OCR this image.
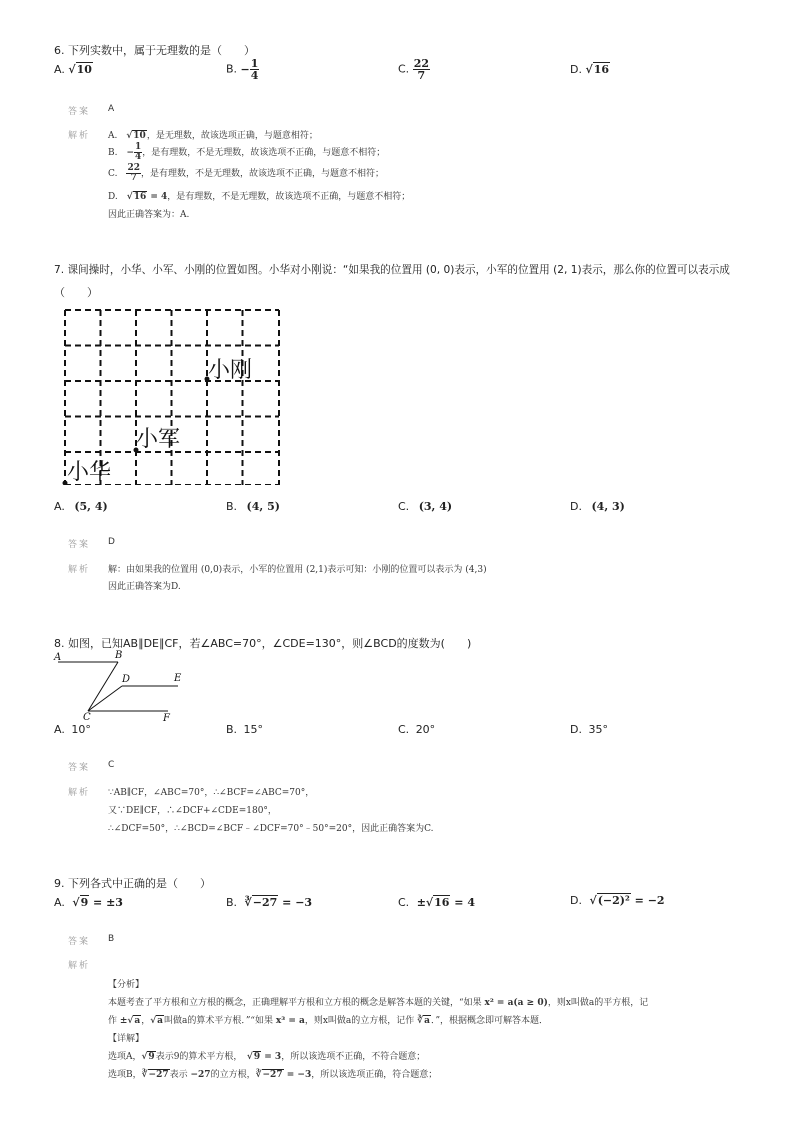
6. 下列实数中，属于无理数的是（　　）
A. √10	B. − $\frac{1}{4}$	C. $\frac{22}{7}$	D. √16
答案 A
解析 A.　√10，是无理数，故该选项正确，与题意相符；
B.　− $\frac{1}{4}$ ，是有理数，不是无理数，故该选项不正确，与题意不相符；
C.　 $\frac{22}{7}$ ，是有理数，不是无理数，故该选项不正确，与题意不相符；
D.　√16 = 4，是有理数，不是无理数，故该选项不正确，与题意不相符；
因此正确答案为：A.
7. 课间操时，小华、小军、小刚的位置如图。小华对小刚说：“如果我的位置用 (0, 0)表示，小军的位置用 (2, 1)表示，那么你的位置可以表示成
（　　）
小刚
小军
小华
A. (5, 4)	B. (4, 5)	C. (3, 4)	D. (4, 3)
答案 D
解析 解：由如果我的位置用 (0,0)表示，小军的位置用 (2,1)表示可知：小刚的位置可以表示为 (4,3)
因此正确答案为D.
8. 如图，已知AB∥DE∥CF，若∠ABC=70°，∠CDE=130°，则∠BCD的度数为(　　)
A	B
D	E
C	F
A. 10°	B. 15°	C. 20°	D. 35°
答案 C
解析 ∵AB∥CF，∠ABC=70°，∴∠BCF=∠ABC=70°，
又∵DE∥CF，∴∠DCF+∠CDE=180°，
∴∠DCF=50°，∴∠BCD=∠BCF﹣∠DCF=70°﹣50°=20°，因此正确答案为C.
9. 下列各式中正确的是（　　）
A. √9 = ±3	B. ∛−27 = −3	C. ±√16 = 4	D. √(−2)² = −2
答案 B
解析
【分析】
本题考查了平方根和立方根的概念，正确理解平方根和立方根的概念是解答本题的关键，“如果 x² = a(a ≥ 0)，则x叫做a的平方根，记
作 ±√a，√a叫做a的算术平方根．”“如果 x³ = a，则x叫做a的立方根，记作 ∛a．”，根据概念即可解答本题．
【详解】
选项A，√9表示9的算术平方根，　√9 = 3，所以该选项不正确，不符合题意；
选项B，∛−27表示 −27的立方根，∛−27 = −3，所以该选项正确，符合题意；
